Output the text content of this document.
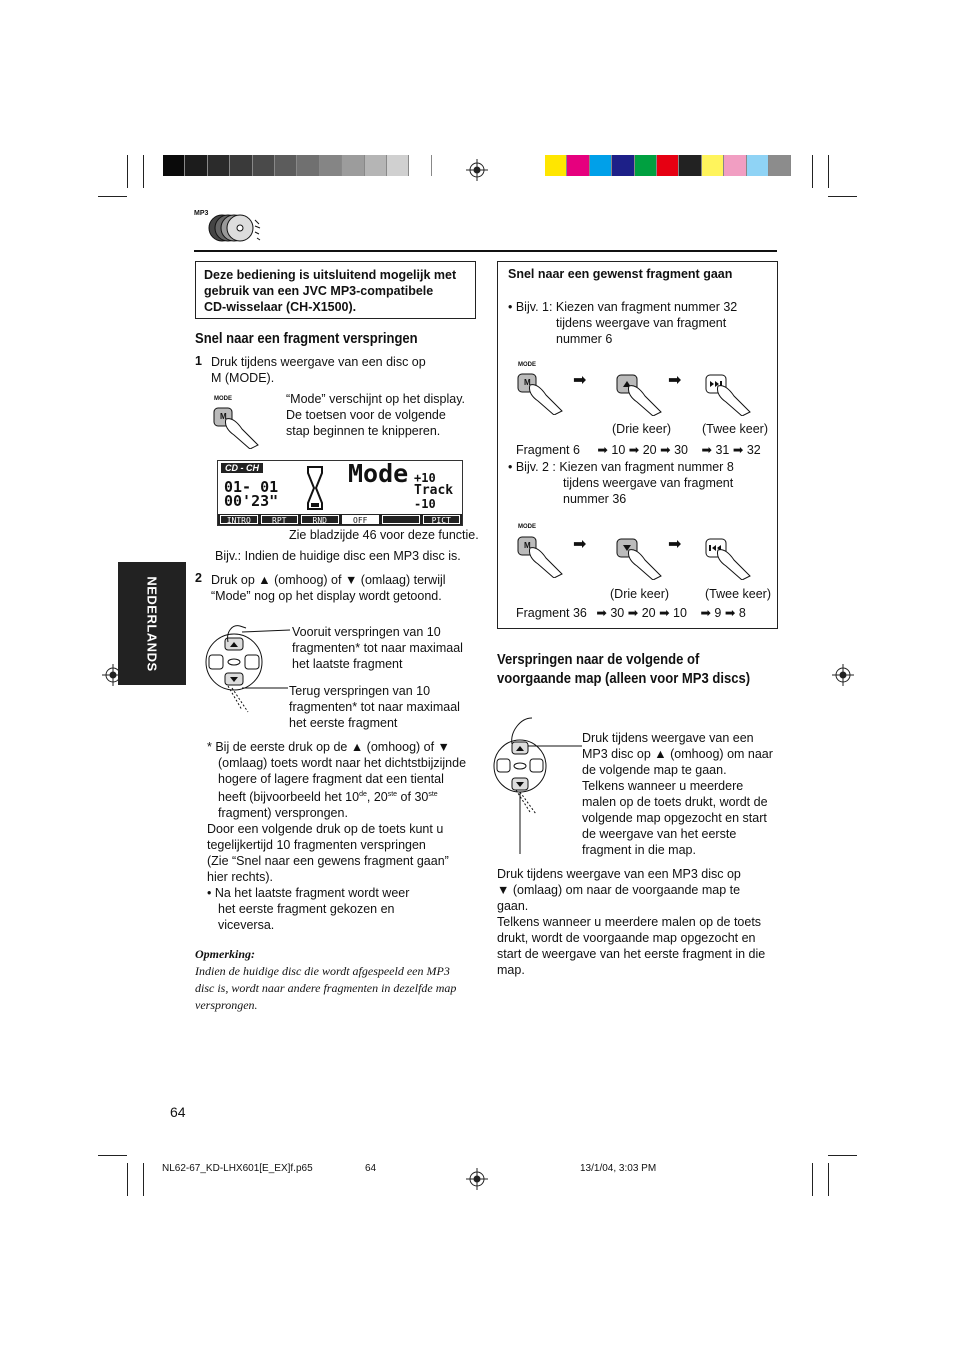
MP3
NEDERLANDS
Deze bediening is uitsluitend mogelijk met
gebruik van een JVC MP3-compatibele
CD-wisselaar (CH-X1500).
Snel naar een fragment verspringen
1 Druk tijdens weergave van een disc op
M (MODE).
MODE
M
“Mode” verschijnt op het display.
De toetsen voor de volgende
stap beginnen te knipperen.
CD - CH
01- 01
00'23"
Mode +10
Track
-10
INTRO	RPT	RND	OFF	PICT
Zie bladzijde 46 voor deze functie.
Bijv.: Indien de huidige disc een MP3 disc is.
2 Druk op ▲ (omhoog) of ▼ (omlaag) terwijl
“Mode” nog op het display wordt getoond.
Vooruit verspringen van 10
fragmenten* tot naar maximaal
het laatste fragment
Terug verspringen van 10
fragmenten* tot naar maximaal
het eerste fragment
* Bij de eerste druk op de ▲ (omhoog) of ▼
(omlaag) toets wordt naar het dichtstbijzijnde
hogere of lagere fragment dat een tiental
heeft (bijvoorbeeld het 10de, 20ste of 30ste
fragment) versprongen.
Door een volgende druk op de toets kunt u
tegelijkertijd 10 fragmenten verspringen
(Zie “Snel naar een gewens fragment gaan”
hier rechts).
• Na het laatste fragment wordt weer
het eerste fragment gekozen en
viceversa.
Opmerking:
Indien de huidige disc die wordt afgespeeld een MP3
disc is, wordt naar andere fragmenten in dezelfde map
versprongen.
Snel naar een gewenst fragment gaan
• Bijv. 1: Kiezen van fragment nummer 32
tijdens weergave van fragment
nummer 6
MODE
M	➡	➡
(Drie keer) (Twee keer)
Fragment 6 ➡ 10 ➡ 20 ➡ 30 ➡ 31 ➡ 32
• Bijv. 2 : Kiezen van fragment nummer 8
tijdens weergave van fragment
nummer 36
MODE
M	➡	➡
(Drie keer)	(Twee keer)
Fragment 36 ➡ 30 ➡ 20 ➡ 10 ➡ 9 ➡ 8
Verspringen naar de volgende of
voorgaande map (alleen voor MP3 discs)
Druk tijdens weergave van een
MP3 disc op ▲ (omhoog) om naar
de volgende map te gaan.
Telkens wanneer u meerdere
malen op de toets drukt, wordt de
volgende map opgezocht en start
de weergave van het eerste
fragment in die map.
Druk tijdens weergave van een MP3 disc op
▼ (omlaag) om naar de voorgaande map te
gaan.
Telkens wanneer u meerdere malen op de toets
drukt, wordt de voorgaande map opgezocht en
start de weergave van het eerste fragment in die
map.
64
NL62-67_KD-LHX601[E_EX]f.p65	64	13/1/04, 3:03 PM
